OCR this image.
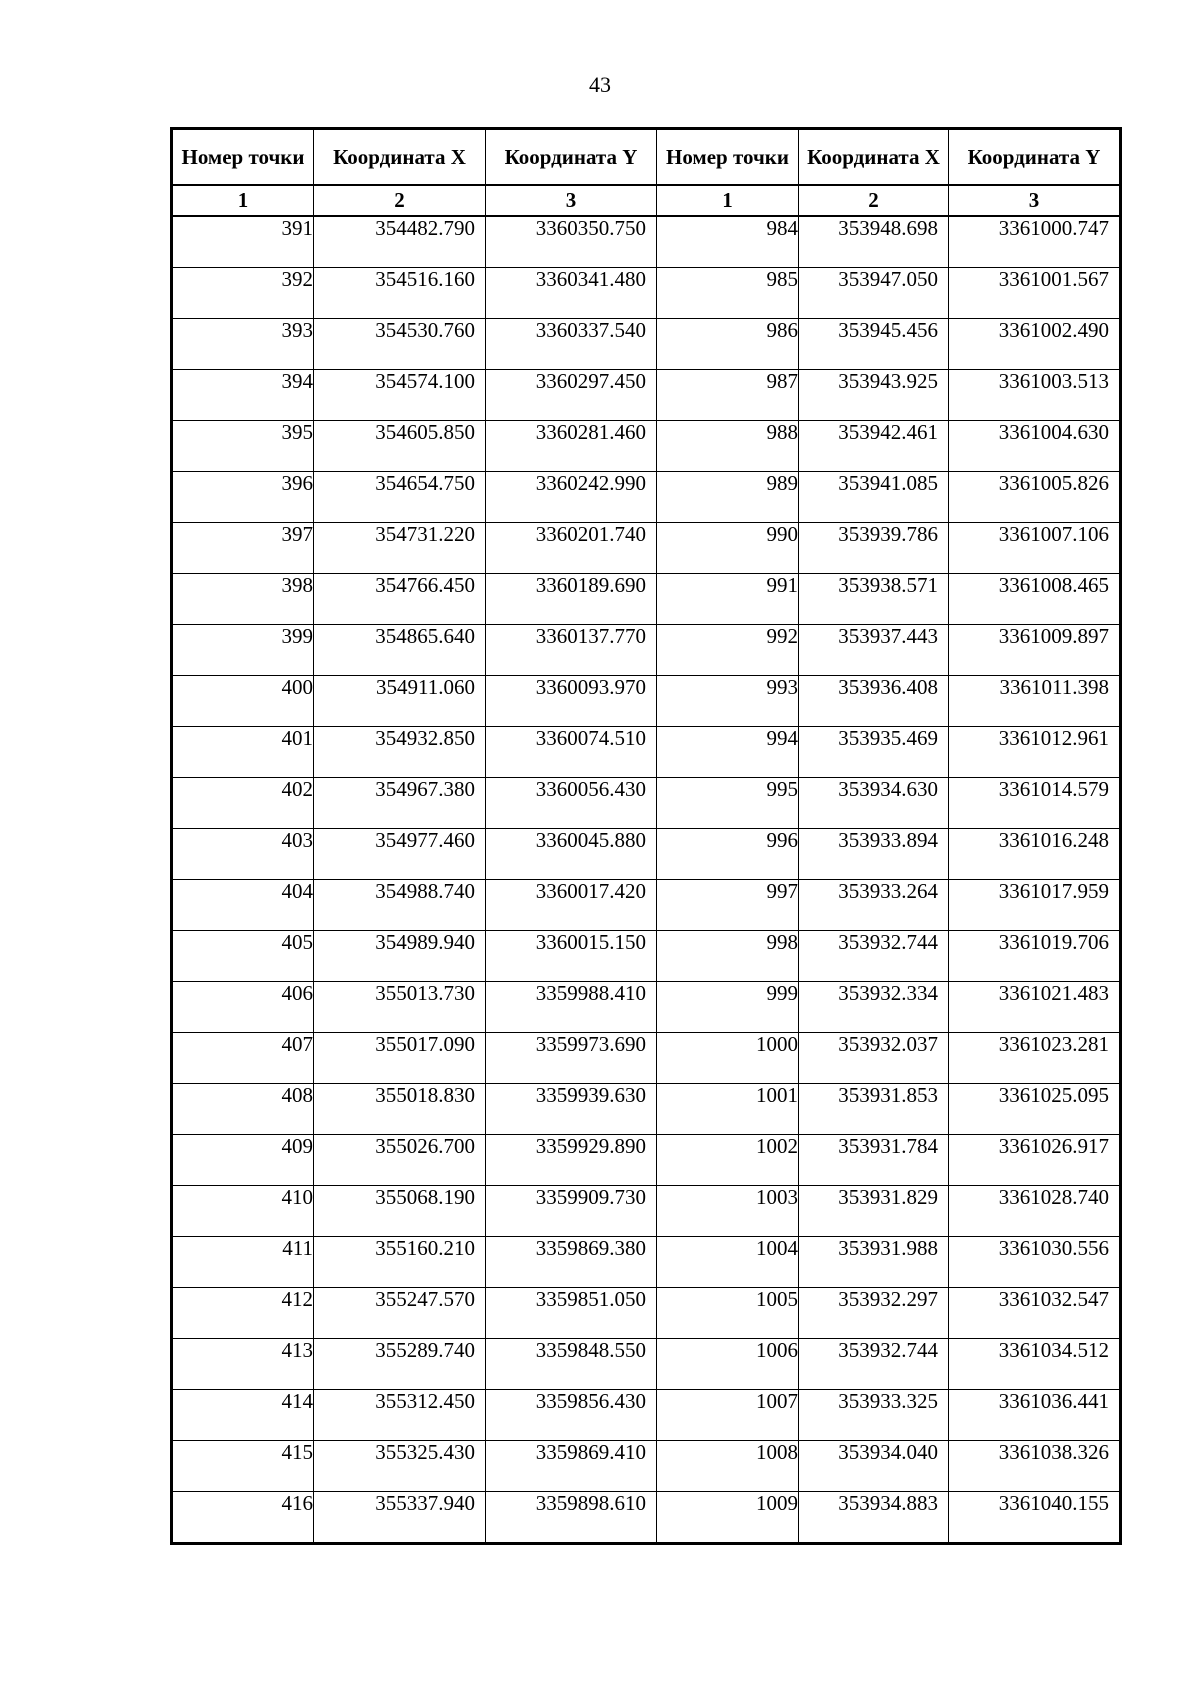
43
Номер точки	Координата X	Координата Y	Номер точки	Координата X	Координата Y
1	2	3	1	2	3
391	354482.790	3360350.750	984	353948.698	3361000.747
392	354516.160	3360341.480	985	353947.050	3361001.567
393	354530.760	3360337.540	986	353945.456	3361002.490
394	354574.100	3360297.450	987	353943.925	3361003.513
395	354605.850	3360281.460	988	353942.461	3361004.630
396	354654.750	3360242.990	989	353941.085	3361005.826
397	354731.220	3360201.740	990	353939.786	3361007.106
398	354766.450	3360189.690	991	353938.571	3361008.465
399	354865.640	3360137.770	992	353937.443	3361009.897
400	354911.060	3360093.970	993	353936.408	3361011.398
401	354932.850	3360074.510	994	353935.469	3361012.961
402	354967.380	3360056.430	995	353934.630	3361014.579
403	354977.460	3360045.880	996	353933.894	3361016.248
404	354988.740	3360017.420	997	353933.264	3361017.959
405	354989.940	3360015.150	998	353932.744	3361019.706
406	355013.730	3359988.410	999	353932.334	3361021.483
407	355017.090	3359973.690	1000	353932.037	3361023.281
408	355018.830	3359939.630	1001	353931.853	3361025.095
409	355026.700	3359929.890	1002	353931.784	3361026.917
410	355068.190	3359909.730	1003	353931.829	3361028.740
411	355160.210	3359869.380	1004	353931.988	3361030.556
412	355247.570	3359851.050	1005	353932.297	3361032.547
413	355289.740	3359848.550	1006	353932.744	3361034.512
414	355312.450	3359856.430	1007	353933.325	3361036.441
415	355325.430	3359869.410	1008	353934.040	3361038.326
416	355337.940	3359898.610	1009	353934.883	3361040.155
